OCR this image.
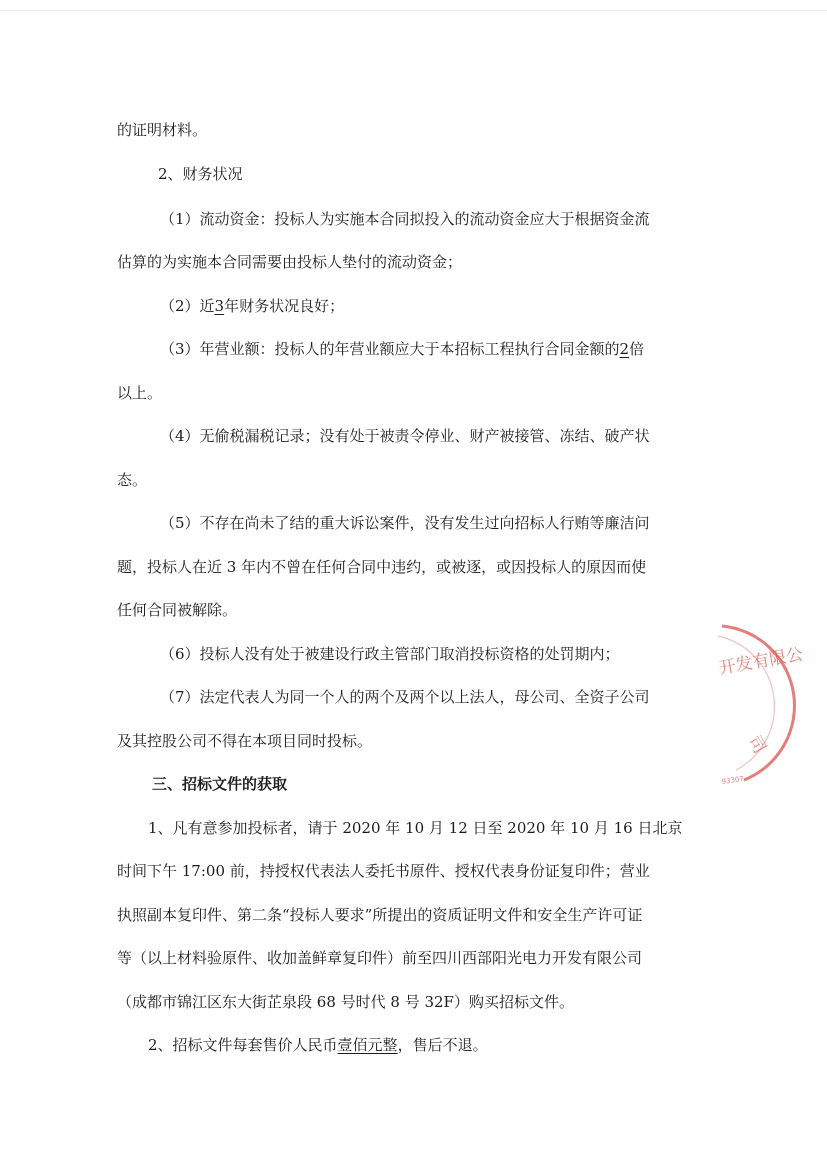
的证明材料。
2、财务状况
（1）流动资金：投标人为实施本合同拟投入的流动资金应大于根据资金流
估算的为实施本合同需要由投标人垫付的流动资金；
（2）近3年财务状况良好；
（3）年营业额：投标人的年营业额应大于本招标工程执行合同金额的2倍
以上。
（4）无偷税漏税记录；没有处于被责令停业、财产被接管、冻结、破产状
态。
（5）不存在尚未了结的重大诉讼案件，没有发生过向招标人行贿等廉洁问
题，投标人在近 3 年内不曾在任何合同中违约，或被逐，或因投标人的原因而使
任何合同被解除。
（6）投标人没有处于被建设行政主管部门取消投标资格的处罚期内；
（7）法定代表人为同一个人的两个及两个以上法人，母公司、全资子公司
及其控股公司不得在本项目同时投标。
三、招标文件的获取
1、凡有意参加投标者，请于 2020 年 10 月 12 日至 2020 年 10 月 16 日北京
时间下午 17:00 前，持授权代表法人委托书原件、授权代表身份证复印件；营业
执照副本复印件、第二条“投标人要求”所提出的资质证明文件和安全生产许可证
等（以上材料验原件、收加盖鲜章复印件）前至四川西部阳光电力开发有限公司
（成都市锦江区东大街芷泉段 68 号时代 8 号 32F）购买招标文件。
2、招标文件每套售价人民币壹佰元整，售后不退。
开发有限公
司
93307
